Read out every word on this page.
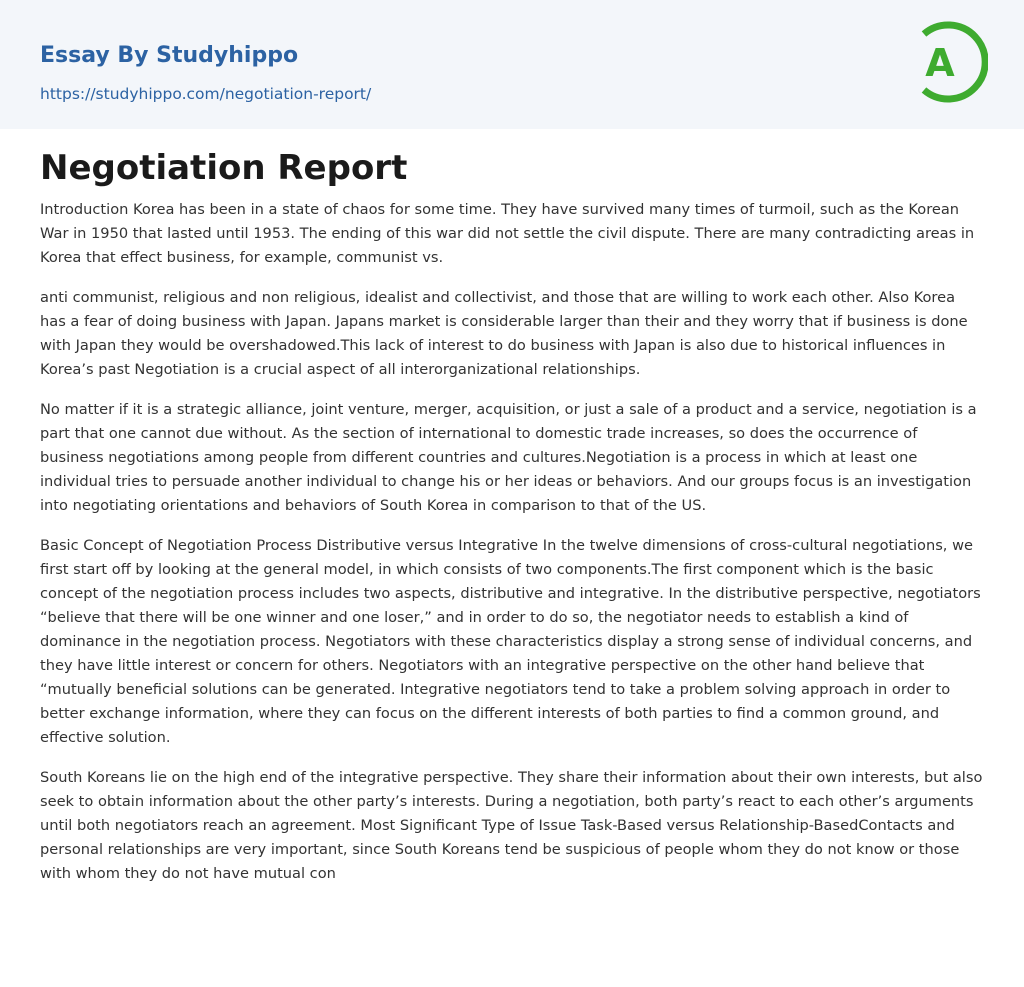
Essay By Studyhippo
https://studyhippo.com/negotiation-report/
A
Negotiation Report

Introduction Korea has been in a state of chaos for some time. They have survived many times of turmoil, such as the Korean War in 1950 that lasted until 1953. The ending of this war did not settle the civil dispute. There are many contradicting areas in Korea that effect business, for example, communist vs.

anti communist, religious and non religious, idealist and collectivist, and those that are willing to work each other. Also Korea has a fear of doing business with Japan. Japans market is considerable larger than their and they worry that if business is done with Japan they would be overshadowed.This lack of interest to do business with Japan is also due to historical influences in Korea’s past Negotiation is a crucial aspect of all interorganizational relationships.

No matter if it is a strategic alliance, joint venture, merger, acquisition, or just a sale of a product and a service, negotiation is a part that one cannot due without. As the section of international to domestic trade increases, so does the occurrence of business negotiations among people from different countries and cultures.Negotiation is a process in which at least one individual tries to persuade another individual to change his or her ideas or behaviors. And our groups focus is an investigation into negotiating orientations and behaviors of South Korea in comparison to that of the US.

Basic Concept of Negotiation Process Distributive versus Integrative In the twelve dimensions of cross-cultural negotiations, we first start off by looking at the general model, in which consists of two components.The first component which is the basic concept of the negotiation process includes two aspects, distributive and integrative. In the distributive perspective, negotiators “believe that there will be one winner and one loser,” and in order to do so, the negotiator needs to establish a kind of dominance in the negotiation process. Negotiators with these characteristics display a strong sense of individual concerns, and they have little interest or concern for others. Negotiators with an integrative perspective on the other hand believe that “mutually beneficial solutions can be generated. Integrative negotiators tend to take a problem solving approach in order to better exchange information, where they can focus on the different interests of both parties to find a common ground, and effective solution.

South Koreans lie on the high end of the integrative perspective. They share their information about their own interests, but also seek to obtain information about the other party’s interests. During a negotiation, both party’s react to each other’s arguments until both negotiators reach an agreement. Most Significant Type of Issue Task-Based versus Relationship-BasedContacts and personal relationships are very important, since South Koreans tend be suspicious of people whom they do not know or those with whom they do not have mutual con
